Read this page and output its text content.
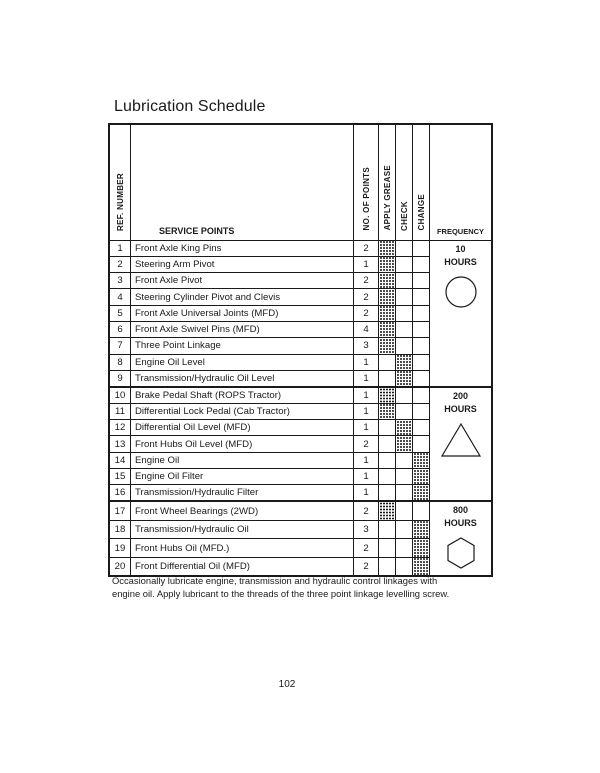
Lubrication Schedule
REF. NUMBER	SERVICE POINTS	NO. OF POINTS	APPLY GREASE	CHECK	CHANGE	FREQUENCY
1	Front Axle King Pins	2				10
HOURS

2	Steering Arm Pivot	1				
3	Front Axle Pivot	2				
4	Steering Cylinder Pivot and Clevis	2				
5	Front Axle Universal Joints (MFD)	2				
6	Front Axle Swivel Pins (MFD)	4				
7	Three Point Linkage	3				
8	Engine Oil Level	1				
9	Transmission/Hydraulic Oil Level	1				
10	Brake Pedal Shaft (ROPS Tractor)	1				200
HOURS

11	Differential Lock Pedal (Cab Tractor)	1				
12	Differential Oil Level (MFD)	1				
13	Front Hubs Oil Level (MFD)	2				
14	Engine Oil	1				
15	Engine Oil Filter	1				
16	Transmission/Hydraulic Filter	1				
17	Front Wheel Bearings (2WD)	2				800
HOURS

18	Transmission/Hydraulic Oil	3				
19	Front Hubs Oil (MFD.)	2				
20	Front Differential Oil (MFD)	2				

Occasionally lubricate engine, transmission and hydraulic control linkages with engine oil. Apply lubricant to the threads of the three point linkage levelling screw.

102
